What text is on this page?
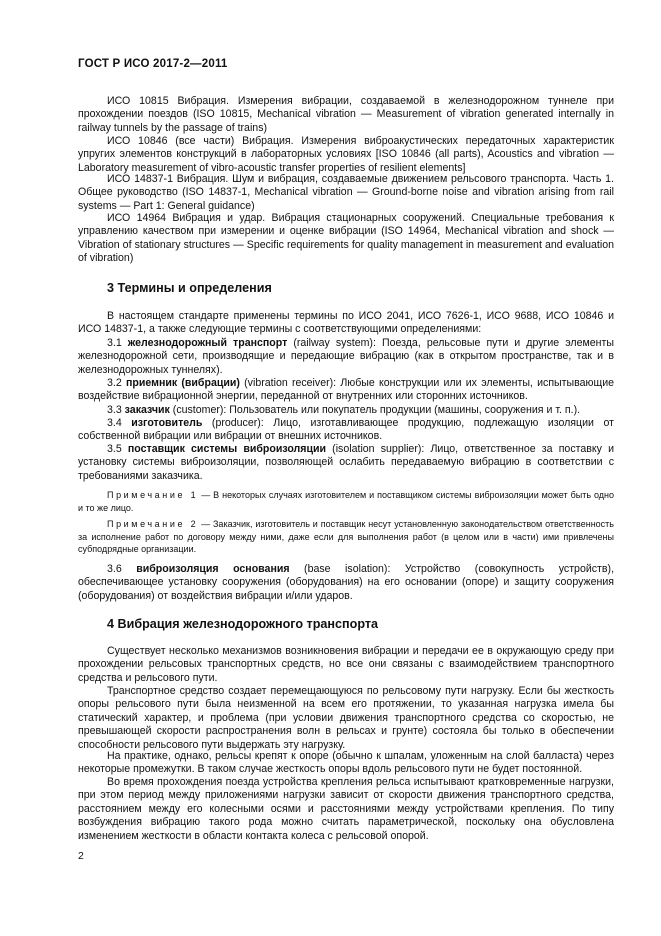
ГОСТ Р ИСО 2017-2—2011

ИСО 10815 Вибрация. Измерения вибрации, создаваемой в железнодорожном туннеле при прохождении поездов (ISO 10815, Mechanical vibration — Measurement of vibration generated internally in railway tunnels by the passage of trains)

ИСО 10846 (все части) Вибрация. Измерения виброакустических передаточных характеристик упругих элементов конструкций в лабораторных условиях [ISO 10846 (all parts), Acoustics and vibration — Laboratory measurement of vibro-acoustic transfer properties of resilient elements]

ИСО 14837-1 Вибрация. Шум и вибрация, создаваемые движением рельсового транспорта. Часть 1. Общее руководство (ISO 14837-1, Mechanical vibration — Ground-borne noise and vibration arising from rail systems — Part 1: General guidance)

ИСО 14964 Вибрация и удар. Вибрация стационарных сооружений. Специальные требования к управлению качеством при измерении и оценке вибрации (ISO 14964, Mechanical vibration and shock — Vibration of stationary structures — Specific requirements for quality management in measurement and evaluation of vibration)

3 Термины и определения

В настоящем стандарте применены термины по ИСО 2041, ИСО 7626-1, ИСО 9688, ИСО 10846 и ИСО 14837-1, а также следующие термины с соответствующими определениями:

3.1 железнодорожный транспорт (railway system): Поезда, рельсовые пути и другие элементы железнодорожной сети, производящие и передающие вибрацию (как в открытом пространстве, так и в железнодорожных туннелях).

3.2 приемник (вибрации) (vibration receiver): Любые конструкции или их элементы, испытывающие воздействие вибрационной энергии, переданной от внутренних или сторонних источников.

3.3 заказчик (customer): Пользователь или покупатель продукции (машины, сооружения и т. п.).

3.4 изготовитель (producer): Лицо, изготавливающее продукцию, подлежащую изоляции от собственной вибрации или вибрации от внешних источников.

3.5 поставщик системы виброизоляции (isolation supplier): Лицо, ответственное за поставку и установку системы виброизоляции, позволяющей ослабить передаваемую вибрацию в соответствии с требованиями заказчика.

Примечание 1 — В некоторых случаях изготовителем и поставщиком системы виброизоляции может быть одно и то же лицо.

Примечание 2 — Заказчик, изготовитель и поставщик несут установленную законодательством ответственность за исполнение работ по договору между ними, даже если для выполнения работ (в целом или в части) ими привлечены субподрядные организации.

3.6 виброизоляция основания (base isolation): Устройство (совокупность устройств), обеспечивающее установку сооружения (оборудования) на его основании (опоре) и защиту сооружения (оборудования) от воздействия вибрации и/или ударов.

4 Вибрация железнодорожного транспорта

Существует несколько механизмов возникновения вибрации и передачи ее в окружающую среду при прохождении рельсовых транспортных средств, но все они связаны с взаимодействием транспортного средства и рельсового пути.

Транспортное средство создает перемещающуюся по рельсовому пути нагрузку. Если бы жесткость опоры рельсового пути была неизменной на всем его протяжении, то указанная нагрузка имела бы статический характер, и проблема (при условии движения транспортного средства со скоростью, не превышающей скорости распространения волн в рельсах и грунте) состояла бы только в обеспечении способности рельсового пути выдержать эту нагрузку.

На практике, однако, рельсы крепят к опоре (обычно к шпалам, уложенным на слой балласта) через некоторые промежутки. В таком случае жесткость опоры вдоль рельсового пути не будет постоянной.

Во время прохождения поезда устройства крепления рельса испытывают кратковременные нагрузки, при этом период между приложениями нагрузки зависит от скорости движения транспортного средства, расстоянием между его колесными осями и расстояниями между устройствами крепления. По типу возбуждения вибрацию такого рода можно считать параметрической, поскольку она обусловлена изменением жесткости в области контакта колеса с рельсовой опорой.

2
